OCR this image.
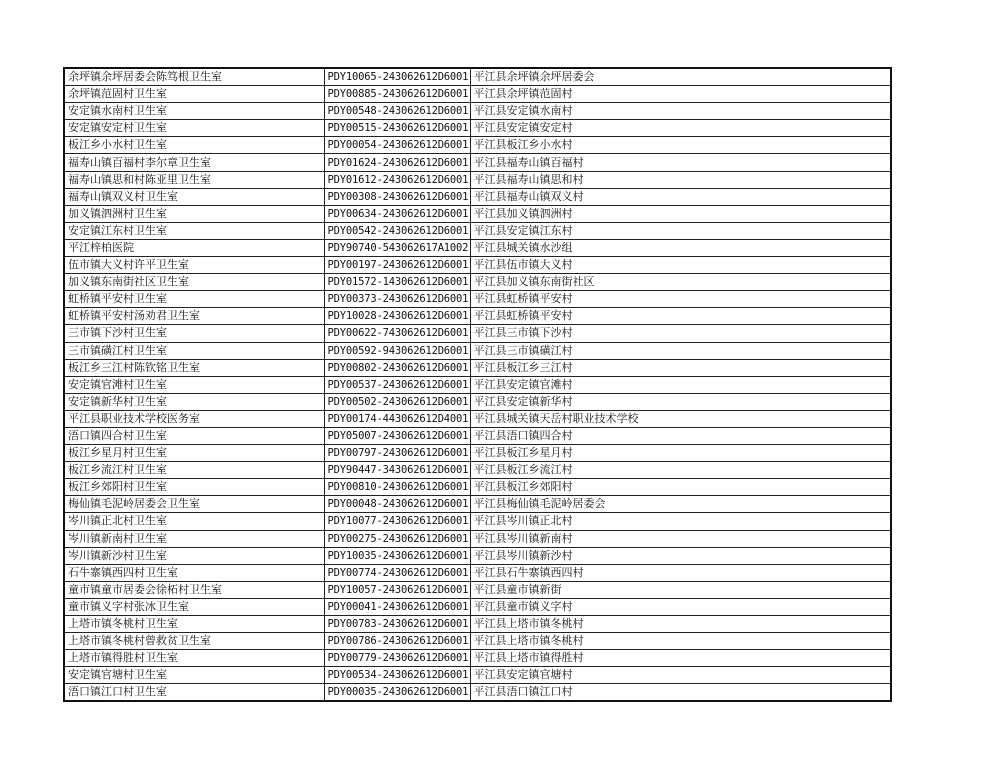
余坪镇余坪居委会陈笃根卫生室	PDY10065-243062612D6001	平江县余坪镇余坪居委会
余坪镇范固村卫生室	PDY00885-243062612D6001	平江县余坪镇范固村
安定镇水南村卫生室	PDY00548-243062612D6001	平江县安定镇水南村
安定镇安定村卫生室	PDY00515-243062612D6001	平江县安定镇安定村
板江乡小水村卫生室	PDY00054-243062612D6001	平江县板江乡小水村
福寿山镇百福村李尔章卫生室	PDY01624-243062612D6001	平江县福寿山镇百福村
福寿山镇思和村陈亚里卫生室	PDY01612-243062612D6001	平江县福寿山镇思和村
福寿山镇双义村卫生室	PDY00308-243062612D6001	平江县福寿山镇双义村
加义镇泗洲村卫生室	PDY00634-243062612D6001	平江县加义镇泗洲村
安定镇江东村卫生室	PDY00542-243062612D6001	平江县安定镇江东村
平江梓柏医院	PDY90740-543062617A1002	平江县城关镇水沙组
伍市镇大义村许平卫生室	PDY00197-243062612D6001	平江县伍市镇大义村
加义镇东南街社区卫生室	PDY01572-143062612D6001	平江县加义镇东南街社区
虹桥镇平安村卫生室	PDY00373-243062612D6001	平江县虹桥镇平安村
虹桥镇平安村汤劝君卫生室	PDY10028-243062612D6001	平江县虹桥镇平安村
三市镇下沙村卫生室	PDY00622-743062612D6001	平江县三市镇下沙村
三市镇磺江村卫生室	PDY00592-943062612D6001	平江县三市镇磺江村
板江乡三江村陈钦铭卫生室	PDY00802-243062612D6001	平江县板江乡三江村
安定镇官滩村卫生室	PDY00537-243062612D6001	平江县安定镇官滩村
安定镇新华村卫生室	PDY00502-243062612D6001	平江县安定镇新华村
平江县职业技术学校医务室	PDY00174-443062612D4001	平江县城关镇天岳村职业技术学校
浯口镇四合村卫生室	PDY05007-243062612D6001	平江县浯口镇四合村
板江乡星月村卫生室	PDY00797-243062612D6001	平江县板江乡星月村
板江乡流江村卫生室	PDY90447-343062612D6001	平江县板江乡流江村
板江乡郊阳村卫生室	PDY00810-243062612D6001	平江县板江乡郊阳村
梅仙镇毛泥岭居委会卫生室	PDY00048-243062612D6001	平江县梅仙镇毛泥岭居委会
岑川镇正北村卫生室	PDY10077-243062612D6001	平江县岑川镇正北村
岑川镇新南村卫生室	PDY00275-243062612D6001	平江县岑川镇新南村
岑川镇新沙村卫生室	PDY10035-243062612D6001	平江县岑川镇新沙村
石牛寨镇西四村卫生室	PDY00774-243062612D6001	平江县石牛寨镇西四村
童市镇童市居委会徐柘村卫生室	PDY10057-243062612D6001	平江县童市镇新街
童市镇义字村张冰卫生室	PDY00041-243062612D6001	平江县童市镇义字村
上塔市镇冬桃村卫生室	PDY00783-243062612D6001	平江县上塔市镇冬桃村
上塔市镇冬桃村曾救贫卫生室	PDY00786-243062612D6001	平江县上塔市镇冬桃村
上塔市镇得胜村卫生室	PDY00779-243062612D6001	平江县上塔市镇得胜村
安定镇官塘村卫生室	PDY00534-243062612D6001	平江县安定镇官塘村
浯口镇江口村卫生室	PDY00035-243062612D6001	平江县浯口镇江口村
